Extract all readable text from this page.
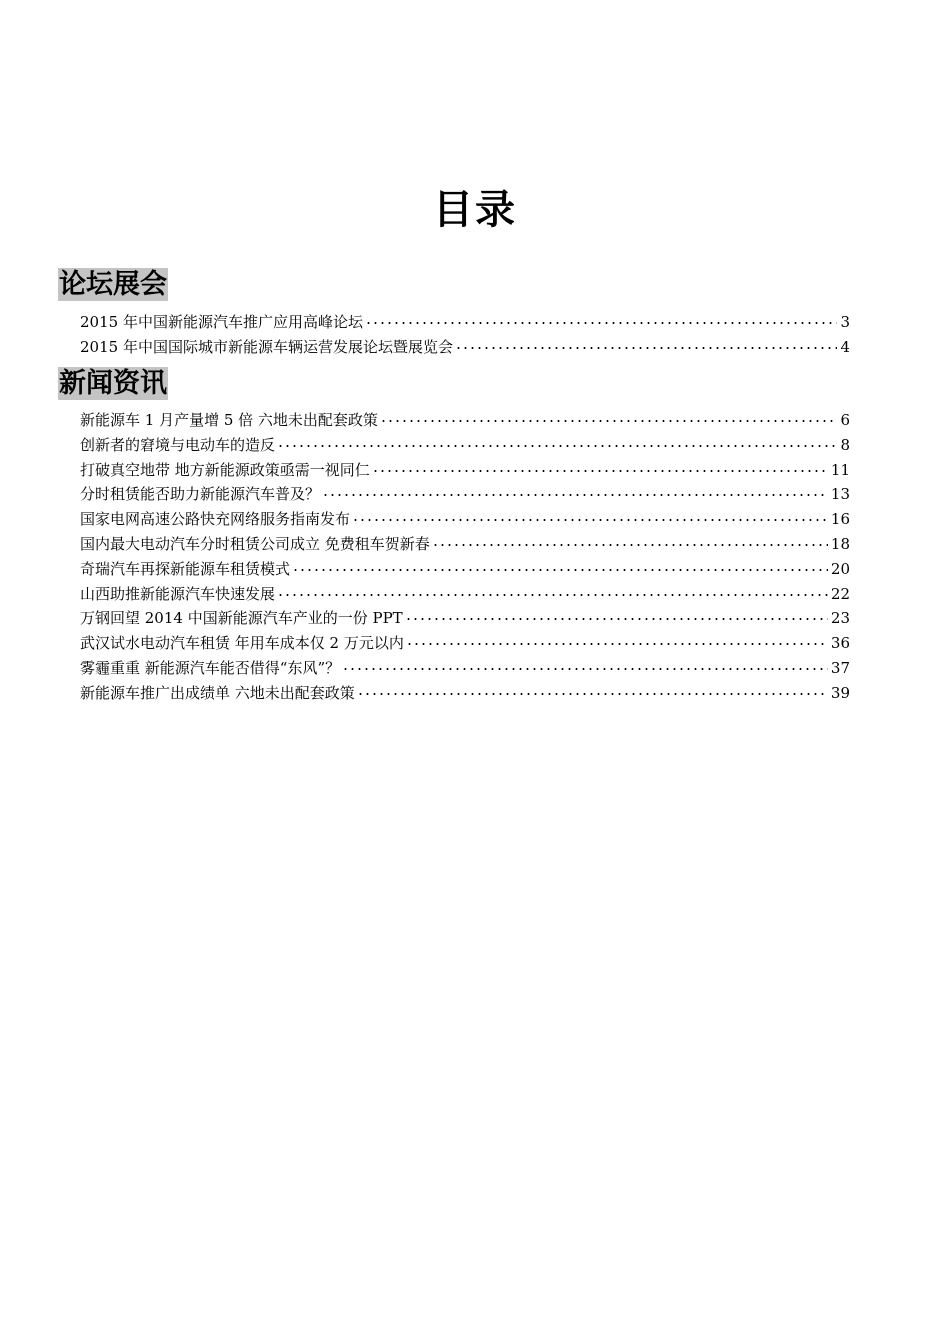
目录
论坛展会
2015 年中国新能源汽车推广应用高峰论坛	3
2015 年中国国际城市新能源车辆运营发展论坛暨展览会	4
新闻资讯
新能源车 1 月产量增 5 倍 六地未出配套政策	6
创新者的窘境与电动车的造反	8
打破真空地带 地方新能源政策亟需一视同仁	11
分时租赁能否助力新能源汽车普及？	13
国家电网高速公路快充网络服务指南发布	16
国内最大电动汽车分时租赁公司成立 免费租车贺新春	18
奇瑞汽车再探新能源车租赁模式	20
山西助推新能源汽车快速发展	22
万钢回望 2014 中国新能源汽车产业的一份 PPT	23
武汉试水电动汽车租赁 年用车成本仅 2 万元以内	36
雾霾重重 新能源汽车能否借得“东风”？	37
新能源车推广出成绩单 六地未出配套政策	39
